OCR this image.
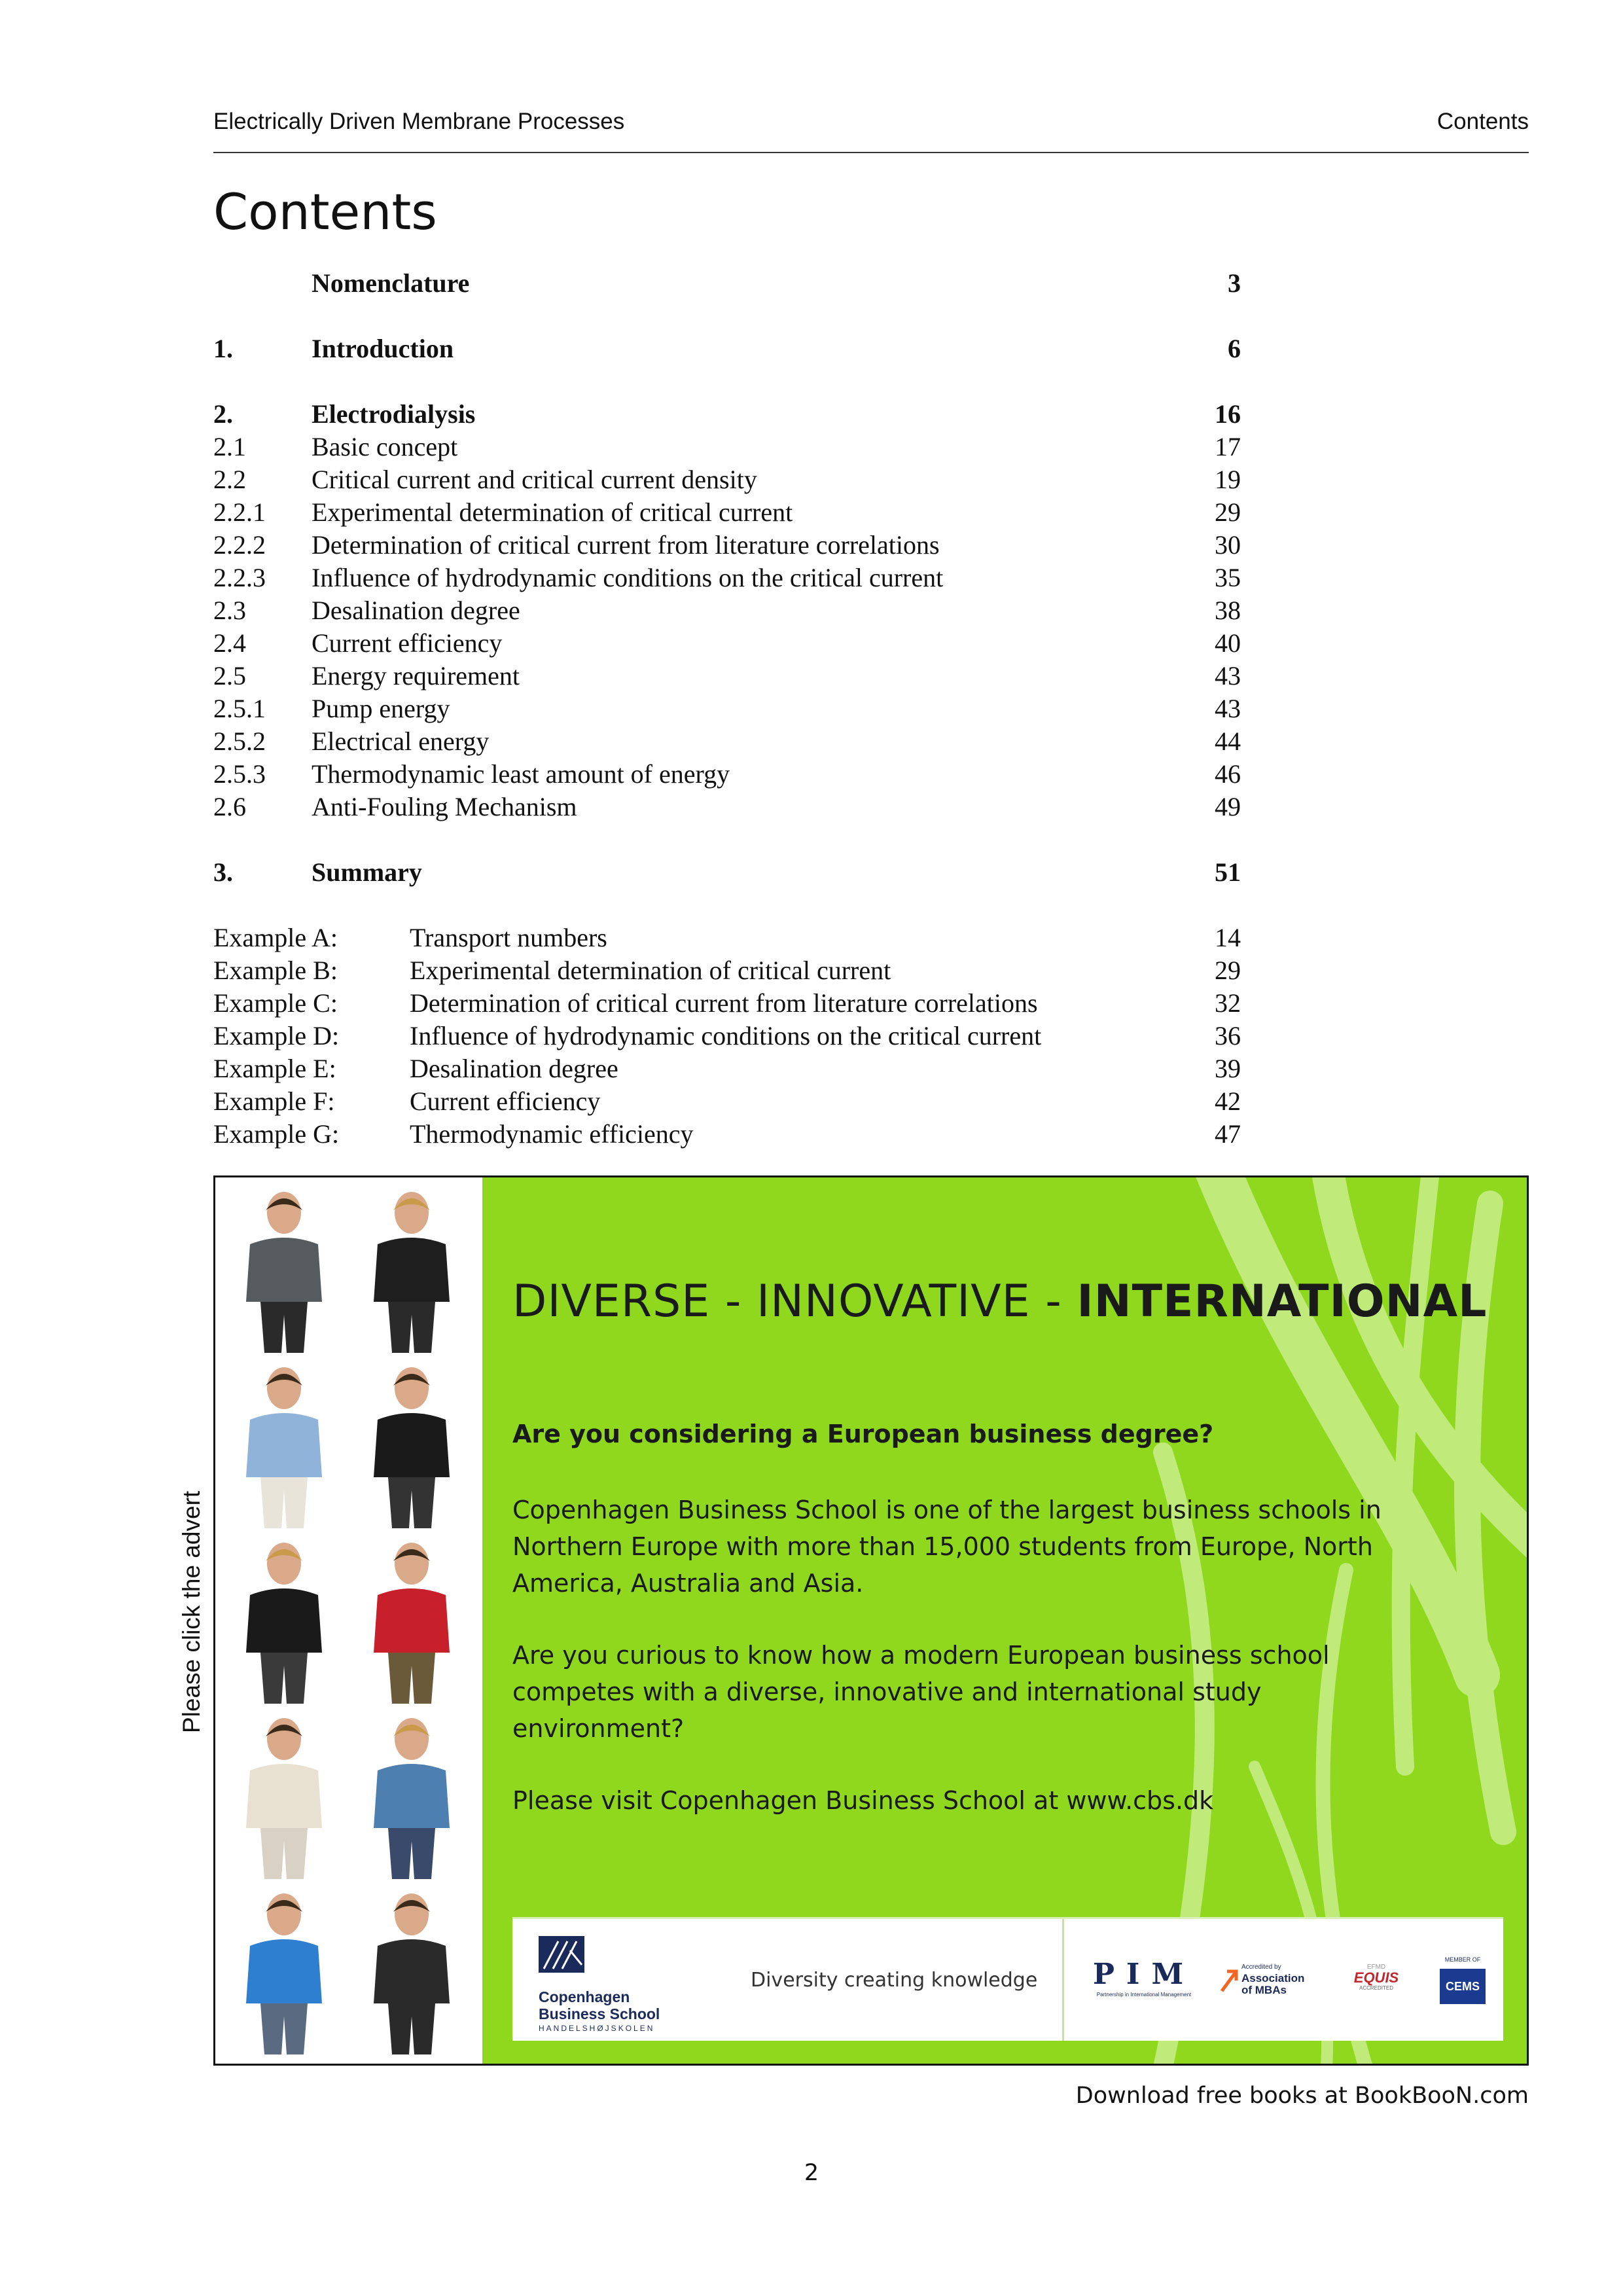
Electrically Driven Membrane Processes	Contents
Contents
Nomenclature	3
1.	Introduction	6
2.	Electrodialysis	16
2.1	Basic concept	17
2.2	Critical current and critical current density	19
2.2.1 Experimental determination of critical current	29
2.2.2 Determination of critical current from literature correlations	30
2.2.3 Influence of hydrodynamic conditions on the critical current	35
2.3	Desalination degree	38
2.4	Current efficiency	40
2.5	Energy requirement	43
2.5.1 Pump energy	43
2.5.2 Electrical energy	44
2.5.3 Thermodynamic least amount of energy	46
2.6	Anti-Fouling Mechanism	49
3.	Summary	51
Example A:	Transport numbers	14
Example B:	Experimental determination of critical current	29
Example C:	Determination of critical current from literature correlations	32
Example D:	Influence of hydrodynamic conditions on the critical current	36
Example E:	Desalination degree	39
Example F:	Current efficiency	42
Example G:	Thermodynamic efficiency	47
Please click the advert
DIVERSE - INNOVATIVE - INTERNATIONAL
Are you considering a European business degree?

Copenhagen Business School is one of the largest business schools in Northern Europe with more than 15,000 students from Europe, North America, Australia and Asia.

Are you curious to know how a modern European business school competes with a diverse, innovative and international study environment?

Please visit Copenhagen Business School at www.cbs.dk

Copenhagen
Business School
HANDELSHØJSKOLEN
Diversity creating knowledge PIM
Partnership in International Management
Accredited by
Association
of MBAs
EFMD
EQUIS
ACCREDITED
MEMBER OF
CEMS
Download free books at BookBooN.com
2
